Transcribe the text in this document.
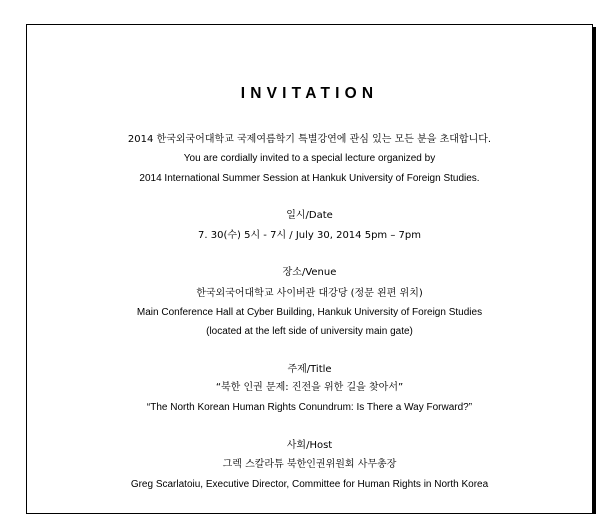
INVITATION
2014 한국외국어대학교 국제여름학기 특별강연에 관심 있는 모든 분을 초대합니다.
You are cordially invited to a special lecture organized by
2014 International Summer Session at Hankuk University of Foreign Studies.
일시/Date
7. 30(수) 5시 - 7시 / July 30, 2014 5pm – 7pm
장소/Venue
한국외국어대학교 사이버관 대강당 (정문 왼편 위치)
Main Conference Hall at Cyber Building, Hankuk University of Foreign Studies
(located at the left side of university main gate)
주제/Title
“북한 인권 문제: 진전을 위한 길을 찾아서”
“The North Korean Human Rights Conundrum: Is There a Way Forward?”
사회/Host
그렉 스칼라튜 북한인권위원회 사무총장
Greg Scarlatoiu, Executive Director, Committee for Human Rights in North Korea
